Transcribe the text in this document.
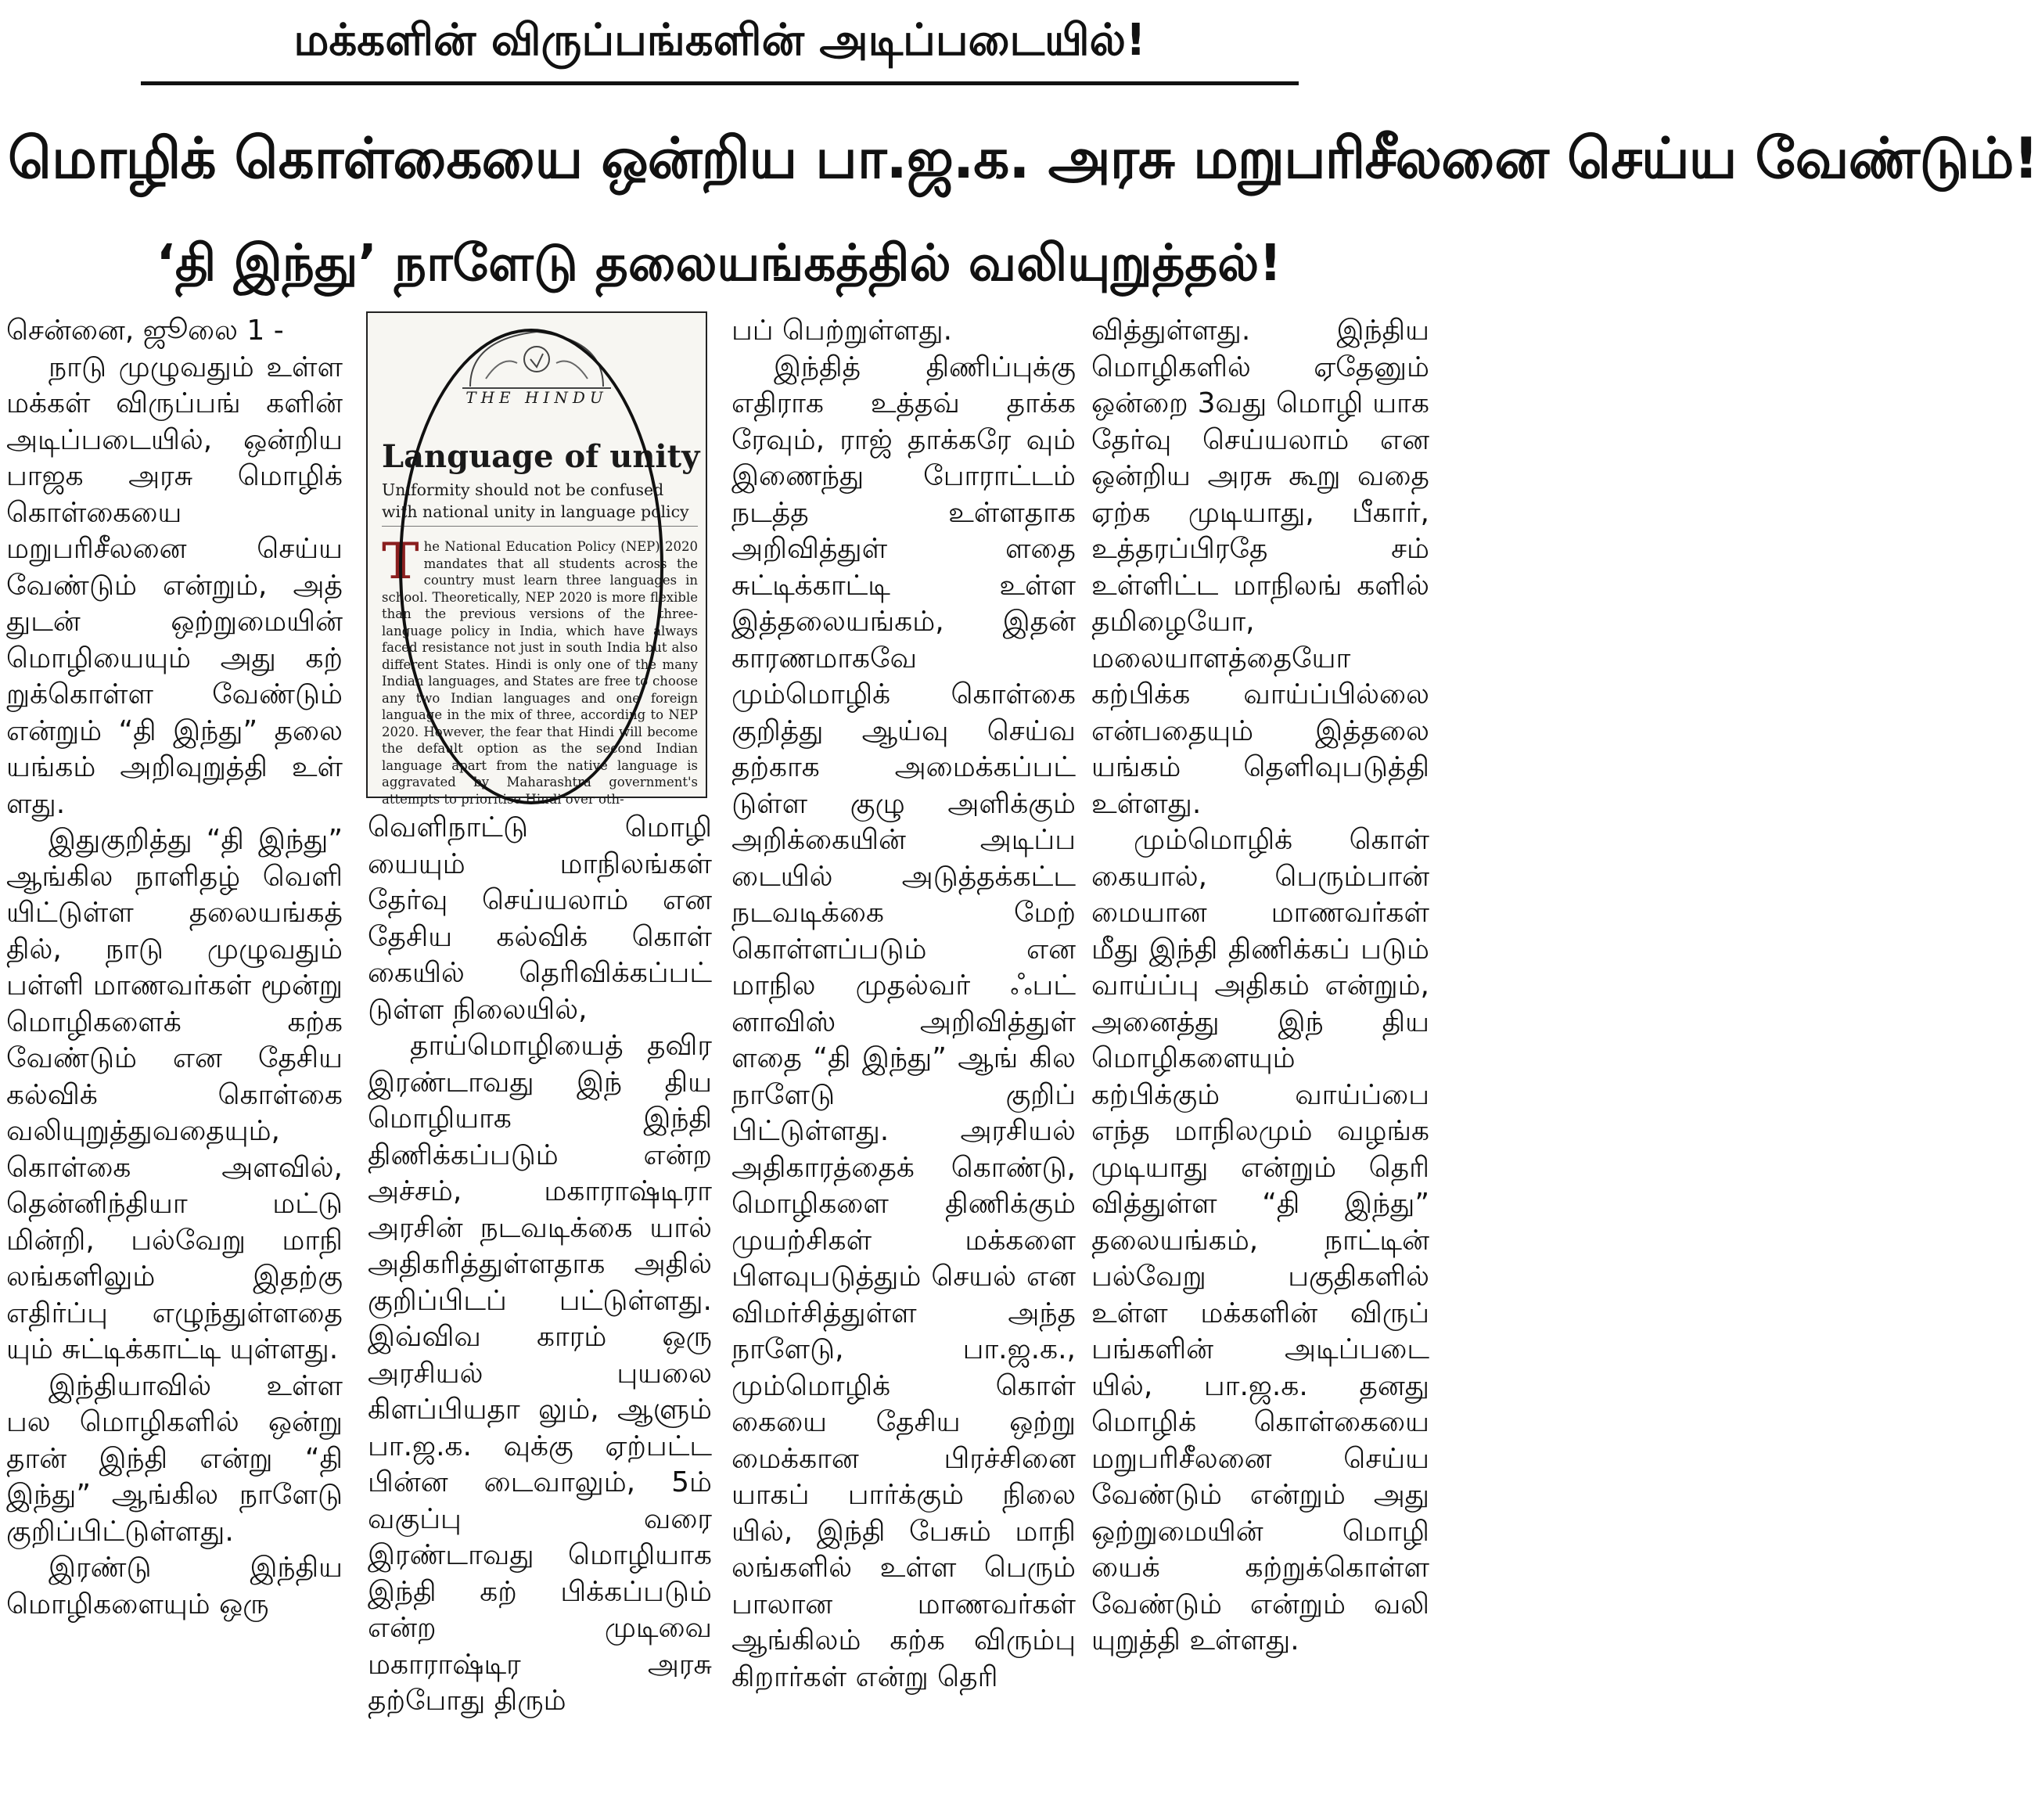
மக்களின் விருப்பங்களின் அடிப்படையில்!
மொழிக் கொள்கையை ஒன்றிய பா.ஜ.க. அரசு மறுபரிசீலனை செய்ய வேண்டும்!
‘தி இந்து’ நாளேடு தலையங்கத்தில் வலியுறுத்தல்!

சென்னை, ஜூலை 1 -

நாடு முழுவதும் உள்ள மக்கள் விருப்பங் களின் அடிப்படையில், ஒன்றிய பாஜக அரசு மொழிக் கொள்கையை மறுபரிசீலனை செய்ய வேண்டும் என்றும், அத் துடன் ஒற்றுமையின் மொழியையும் அது கற் றுக்கொள்ள வேண்டும் என்றும் “தி இந்து” தலை யங்கம் அறிவுறுத்தி உள் ளது.

இதுகுறித்து “தி இந்து” ஆங்கில நாளிதழ் வெளி யிட்டுள்ள தலையங்கத் தில், நாடு முழுவதும் பள்ளி மாணவர்கள் மூன்று மொழிகளைக் கற்க வேண்டும் என தேசிய கல்விக் கொள்கை வலியுறுத்துவதையும், கொள்கை அளவில், தென்னிந்தியா மட்டு மின்றி, பல்வேறு மாநி லங்களிலும் இதற்கு எதிர்ப்பு எழுந்துள்ளதை யும் சுட்டிக்காட்டி யுள்ளது.

இந்தியாவில் உள்ள பல மொழிகளில் ஒன்று தான் இந்தி என்று “தி இந்து” ஆங்கில நாளேடு குறிப்பிட்டுள்ளது.

இரண்டு இந்திய மொழிகளையும் ஒரு

THE HINDU
Language of unity
Uniformity should not be confused with national unity in language policy
The National Education Policy (NEP) 2020 mandates that all students across the country must learn three languages in school. Theoretically, NEP 2020 is more flexible than the previous versions of the three-language policy in India, which have always faced resistance not just in south India but also different States. Hindi is only one of the many Indian languages, and States are free to choose any two Indian languages and one foreign language in the mix of three, according to NEP 2020. However, the fear that Hindi will become the default option as the second Indian language apart from the native language is aggravated by Maharashtra government's attempts to prioritise Hindi over oth-

வெளிநாட்டு மொழி யையும் மாநிலங்கள் தேர்வு செய்யலாம் என தேசிய கல்விக் கொள் கையில் தெரிவிக்கப்பட் டுள்ள நிலையில்,

தாய்மொழியைத் தவிர இரண்டாவது இந் திய மொழியாக இந்தி திணிக்கப்படும் என்ற அச்சம், மகாராஷ்டிரா அரசின் நடவடிக்கை யால் அதிகரித்துள்ளதாக அதில் குறிப்பிடப் பட்டுள்ளது. இவ்விவ காரம் ஒரு அரசியல் புயலை கிளப்பியதா லும், ஆளும் பா.ஜ.க. வுக்கு ஏற்பட்ட பின்ன டைவாலும், 5ம் வகுப்பு வரை இரண்டாவது மொழியாக இந்தி கற் பிக்கப்படும் என்ற முடிவை மகாராஷ்டிர அரசு தற்போது திரும்

பப் பெற்றுள்ளது.

இந்தித் திணிப்புக்கு எதிராக உத்தவ் தாக்க ரேவும், ராஜ் தாக்கரே வும் இணைந்து போராட்டம் நடத்த உள்ளதாக அறிவித்துள் ளதை சுட்டிக்காட்டி உள்ள இத்தலையங்கம், இதன் காரணமாகவே மும்மொழிக் கொள்கை குறித்து ஆய்வு செய்வ தற்காக அமைக்கப்பட் டுள்ள குழு அளிக்கும் அறிக்கையின் அடிப்ப டையில் அடுத்தக்கட்ட நடவடிக்கை மேற் கொள்ளப்படும் என மாநில முதல்வர் ஃபட் னாவிஸ் அறிவித்துள் ளதை “தி இந்து” ஆங் கில நாளேடு குறிப் பிட்டுள்ளது. அரசியல் அதிகாரத்தைக் கொண்டு, மொழிகளை திணிக்கும் முயற்சிகள் மக்களை பிளவுபடுத்தும் செயல் என விமர்சித்துள்ள அந்த நாளேடு, பா.ஜ.க., மும்மொழிக் கொள் கையை தேசிய ஒற்று மைக்கான பிரச்சினை யாகப் பார்க்கும் நிலை யில், இந்தி பேசும் மாநி லங்களில் உள்ள பெரும் பாலான மாணவர்கள் ஆங்கிலம் கற்க விரும்பு கிறார்கள் என்று தெரி

வித்துள்ளது. இந்திய மொழிகளில் ஏதேனும் ஒன்றை 3வது மொழி யாக தேர்வு செய்யலாம் என ஒன்றிய அரசு கூறு வதை ஏற்க முடியாது, பீகார், உத்தரப்பிரதே சம் உள்ளிட்ட மாநிலங் களில் தமிழையோ, மலையாளத்தையோ கற்பிக்க வாய்ப்பில்லை என்பதையும் இத்தலை யங்கம் தெளிவுபடுத்தி உள்ளது.

மும்மொழிக் கொள் கையால், பெரும்பான் மையான மாணவர்கள் மீது இந்தி திணிக்கப் படும் வாய்ப்பு அதிகம் என்றும், அனைத்து இந் திய மொழிகளையும் கற்பிக்கும் வாய்ப்பை எந்த மாநிலமும் வழங்க முடியாது என்றும் தெரி வித்துள்ள “தி இந்து” தலையங்கம், நாட்டின் பல்வேறு பகுதிகளில் உள்ள மக்களின் விருப் பங்களின் அடிப்படை யில், பா.ஜ.க. தனது மொழிக் கொள்கையை மறுபரிசீலனை செய்ய வேண்டும் என்றும் அது ஒற்றுமையின் மொழி யைக் கற்றுக்கொள்ள வேண்டும் என்றும் வலி யுறுத்தி உள்ளது.
